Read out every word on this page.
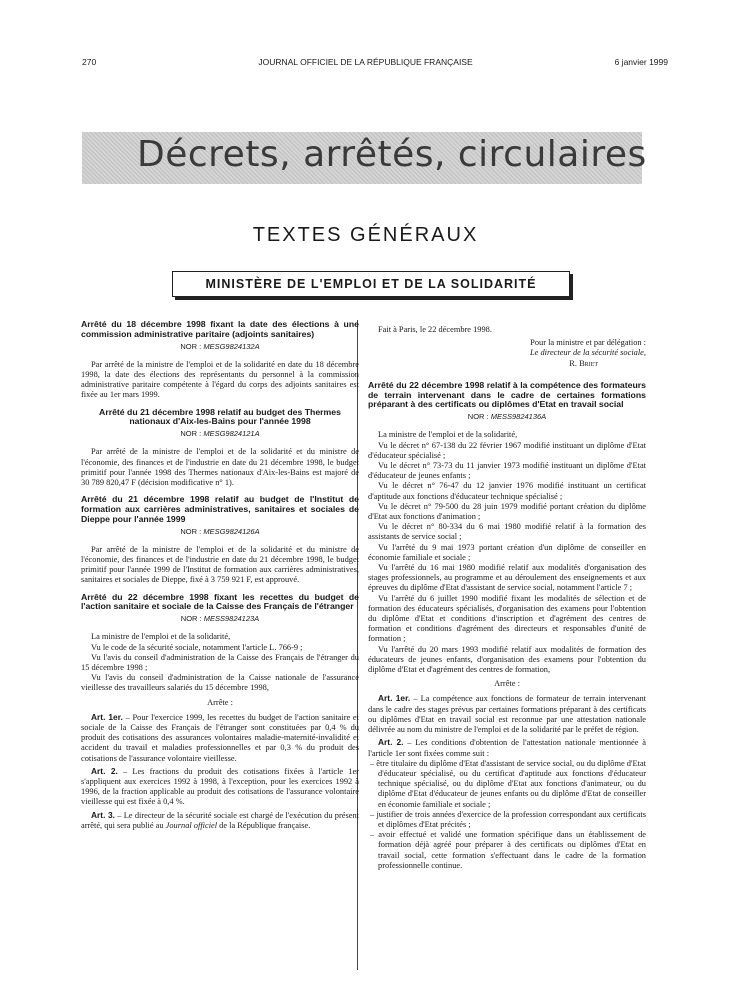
270	JOURNAL OFFICIEL DE LA RÉPUBLIQUE FRANÇAISE	6 janvier 1999
Décrets, arrêtés, circulaires
TEXTES GÉNÉRAUX
MINISTÈRE DE L'EMPLOI ET DE LA SOLIDARITÉ

Arrêté du 18 décembre 1998 fixant la date des élections à une commission administrative paritaire (adjoints sanitaires)

NOR : MESG9824132A

Par arrêté de la ministre de l'emploi et de la solidarité en date du 18 décembre 1998, la date des élections des représentants du personnel à la commission administrative paritaire compétente à l'égard du corps des adjoints sanitaires est fixée au 1er mars 1999.

Arrêté du 21 décembre 1998 relatif au budget des Thermes nationaux d'Aix-les-Bains pour l'année 1998

NOR : MESG9824121A

Par arrêté de la ministre de l'emploi et de la solidarité et du ministre de l'économie, des finances et de l'industrie en date du 21 décembre 1998, le budget primitif pour l'année 1998 des Thermes nationaux d'Aix-les-Bains est majoré de 30 789 820,47 F (décision modificative n° 1).

Arrêté du 21 décembre 1998 relatif au budget de l'Institut de formation aux carrières administratives, sanitaires et sociales de Dieppe pour l'année 1999

NOR : MESG9824126A

Par arrêté de la ministre de l'emploi et de la solidarité et du ministre de l'économie, des finances et de l'industrie en date du 21 décembre 1998, le budget primitif pour l'année 1999 de l'Institut de formation aux carrières administratives, sanitaires et sociales de Dieppe, fixé à 3 759 921 F, est approuvé.

Arrêté du 22 décembre 1998 fixant les recettes du budget de l'action sanitaire et sociale de la Caisse des Français de l'étranger

NOR : MESS9824123A

La ministre de l'emploi et de la solidarité,

Vu le code de la sécurité sociale, notamment l'article L. 766-9 ;

Vu l'avis du conseil d'administration de la Caisse des Français de l'étranger du 15 décembre 1998 ;

Vu l'avis du conseil d'administration de la Caisse nationale de l'assurance vieillesse des travailleurs salariés du 15 décembre 1998,

Arrête :

Art. 1er. – Pour l'exercice 1999, les recettes du budget de l'action sanitaire et sociale de la Caisse des Français de l'étranger sont constituées par 0,4 % du produit des cotisations des assurances volontaires maladie-maternité-invalidité et accident du travail et maladies professionnelles et par 0,3 % du produit des cotisations de l'assurance volontaire vieillesse.

Art. 2. – Les fractions du produit des cotisations fixées à l'article 1er s'appliquent aux exercices 1992 à 1998, à l'exception, pour les exercices 1992 à 1996, de la fraction applicable au produit des cotisations de l'assurance volontaire vieillesse qui est fixée à 0,4 %.

Art. 3. – Le directeur de la sécurité sociale est chargé de l'exécution du présent arrêté, qui sera publié au Journal officiel de la République française.

Fait à Paris, le 22 décembre 1998.

Pour la ministre et par délégation :

Le directeur de la sécurité sociale,

R. Briet

Arrêté du 22 décembre 1998 relatif à la compétence des formateurs de terrain intervenant dans le cadre de certaines formations préparant à des certificats ou diplômes d'Etat en travail social

NOR : MESS9824136A

La ministre de l'emploi et de la solidarité,

Vu le décret n° 67-138 du 22 février 1967 modifié instituant un diplôme d'Etat d'éducateur spécialisé ;

Vu le décret n° 73-73 du 11 janvier 1973 modifié instituant un diplôme d'Etat d'éducateur de jeunes enfants ;

Vu le décret n° 76-47 du 12 janvier 1976 modifié instituant un certificat d'aptitude aux fonctions d'éducateur technique spécialisé ;

Vu le décret n° 79-500 du 28 juin 1979 modifié portant création du diplôme d'Etat aux fonctions d'animation ;

Vu le décret n° 80-334 du 6 mai 1980 modifié relatif à la formation des assistants de service social ;

Vu l'arrêté du 9 mai 1973 portant création d'un diplôme de conseiller en économie familiale et sociale ;

Vu l'arrêté du 16 mai 1980 modifié relatif aux modalités d'organisation des stages professionnels, au programme et au déroulement des enseignements et aux épreuves du diplôme d'Etat d'assistant de service social, notamment l'article 7 ;

Vu l'arrêté du 6 juillet 1990 modifié fixant les modalités de sélection et de formation des éducateurs spécialisés, d'organisation des examens pour l'obtention du diplôme d'Etat et conditions d'inscription et d'agrément des centres de formation et conditions d'agrément des directeurs et responsables d'unité de formation ;

Vu l'arrêté du 20 mars 1993 modifié relatif aux modalités de formation des éducateurs de jeunes enfants, d'organisation des examens pour l'obtention du diplôme d'Etat et d'agrément des centres de formation,

Arrête :

Art. 1er. – La compétence aux fonctions de formateur de terrain intervenant dans le cadre des stages prévus par certaines formations préparant à des certificats ou diplômes d'Etat en travail social est reconnue par une attestation nationale délivrée au nom du ministre de l'emploi et de la solidarité par le préfet de région.

Art. 2. – Les conditions d'obtention de l'attestation nationale mentionnée à l'article 1er sont fixées comme suit :

– être titulaire du diplôme d'Etat d'assistant de service social, ou du diplôme d'Etat d'éducateur spécialisé, ou du certificat d'aptitude aux fonctions d'éducateur technique spécialisé, ou du diplôme d'Etat aux fonctions d'animateur, ou du diplôme d'Etat d'éducateur de jeunes enfants ou du diplôme d'Etat de conseiller en économie familiale et sociale ;

– justifier de trois années d'exercice de la profession correspondant aux certificats et diplômes d'Etat précités ;

– avoir effectué et validé une formation spécifique dans un établissement de formation déjà agréé pour préparer à des certificats ou diplômes d'Etat en travail social, cette formation s'effectuant dans le cadre de la formation professionnelle continue.
